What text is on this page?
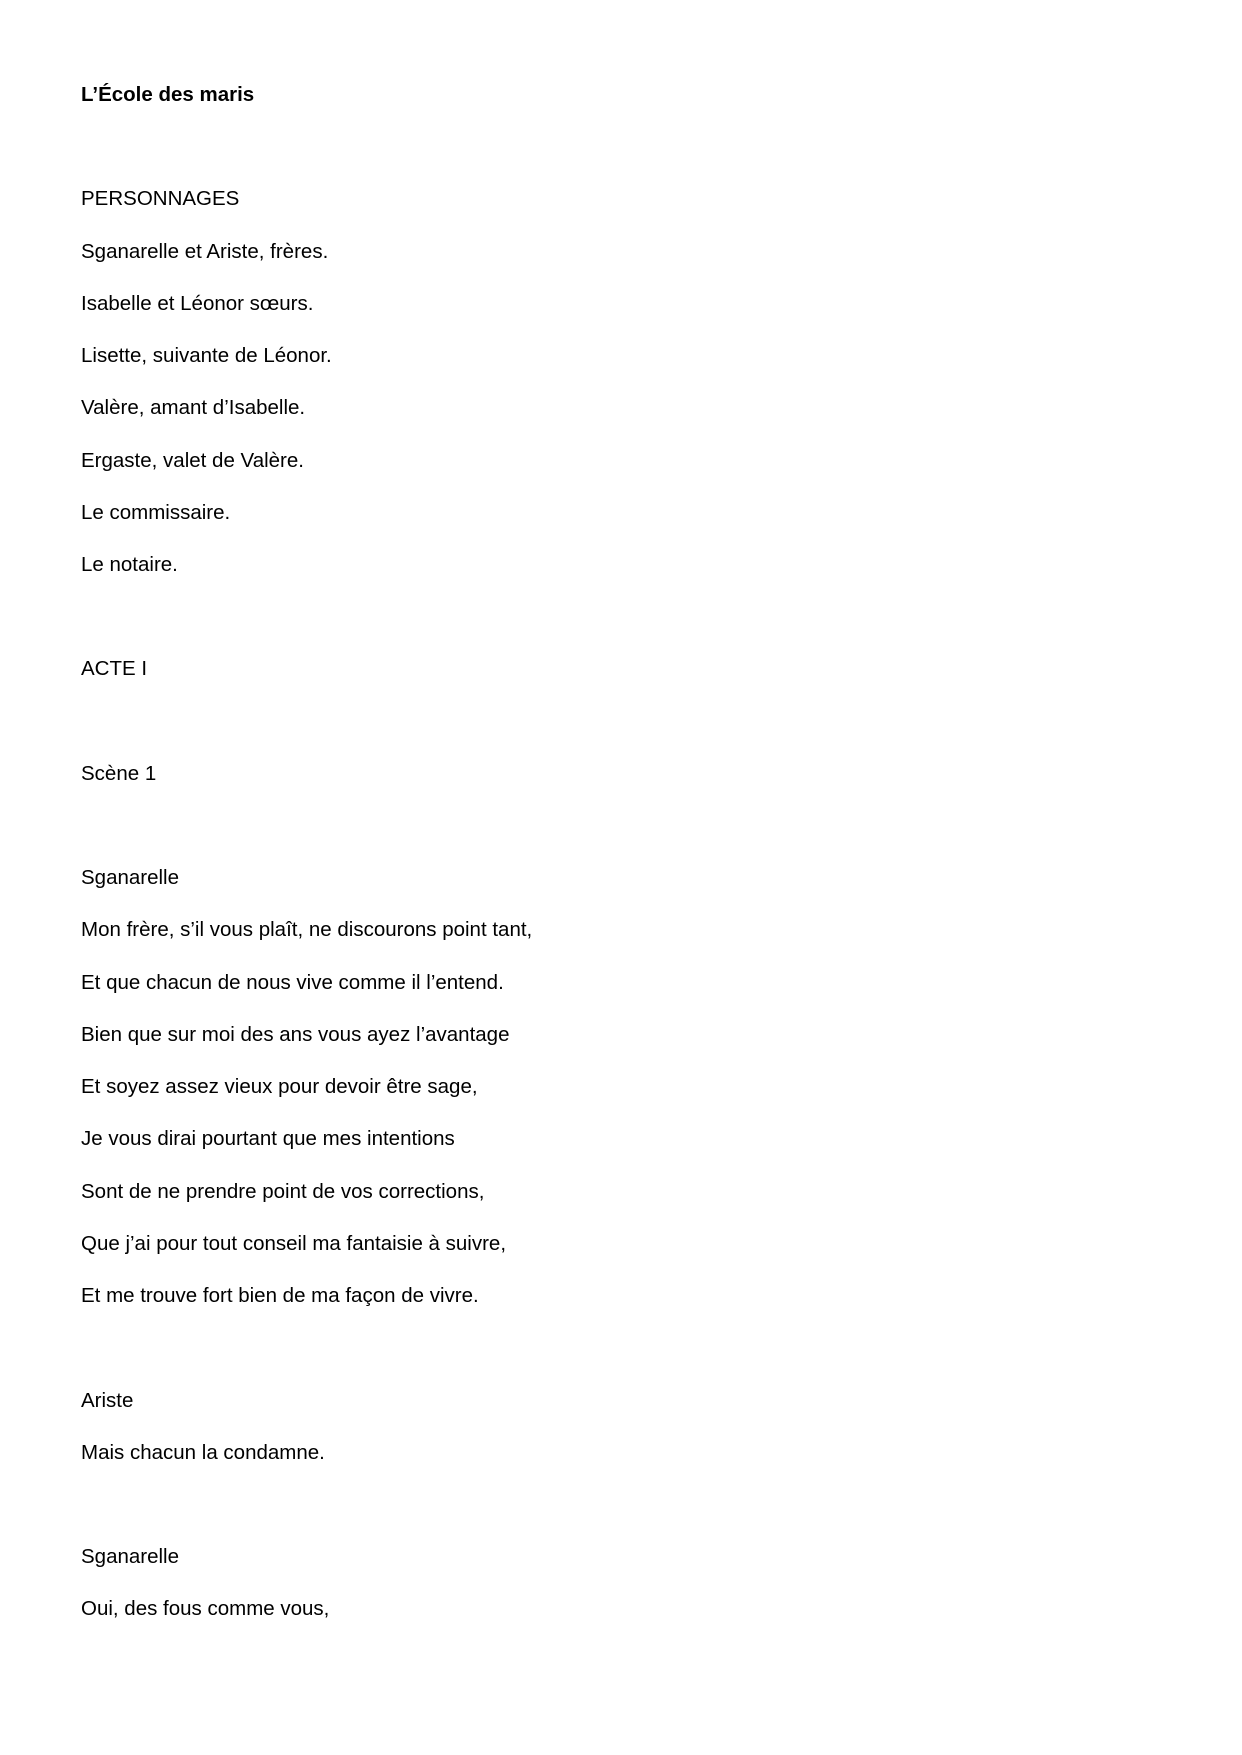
L’École des maris
PERSONNAGES
Sganarelle et Ariste, frères.
Isabelle et Léonor sœurs.
Lisette, suivante de Léonor.
Valère, amant d’Isabelle.
Ergaste, valet de Valère.
Le commissaire.
Le notaire.
ACTE I
Scène 1
Sganarelle
Mon frère, s’il vous plaît, ne discourons point tant,
Et que chacun de nous vive comme il l’entend.
Bien que sur moi des ans vous ayez l’avantage
Et soyez assez vieux pour devoir être sage,
Je vous dirai pourtant que mes intentions
Sont de ne prendre point de vos corrections,
Que j’ai pour tout conseil ma fantaisie à suivre,
Et me trouve fort bien de ma façon de vivre.
Ariste
Mais chacun la condamne.
Sganarelle
Oui, des fous comme vous,
